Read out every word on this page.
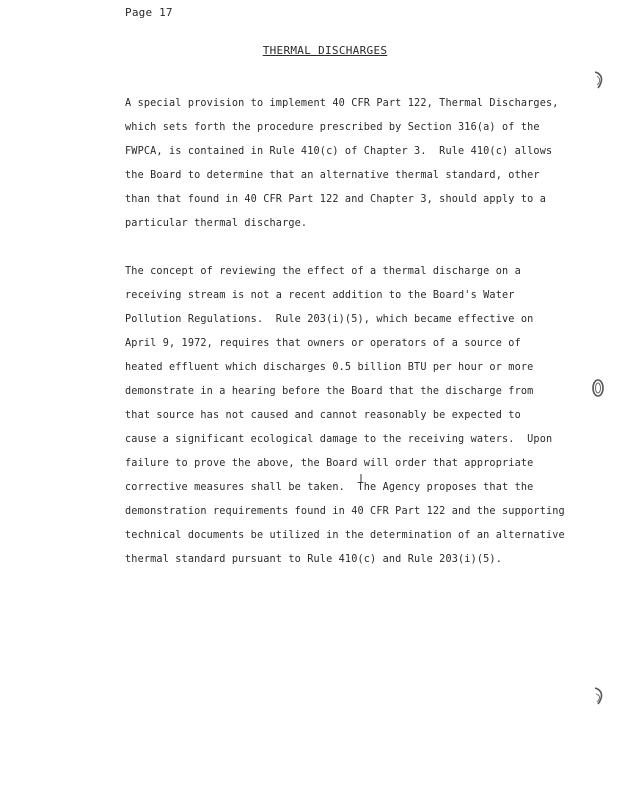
Page 17
THERMAL DISCHARGES
A special provision to implement 40 CFR Part 122, Thermal Discharges,
which sets forth the procedure prescribed by Section 316(a) of the
FWPCA, is contained in Rule 410(c) of Chapter 3.  Rule 410(c) allows
the Board to determine that an alternative thermal standard, other
than that found in 40 CFR Part 122 and Chapter 3, should apply to a
particular thermal discharge.
The concept of reviewing the effect of a thermal discharge on a
receiving stream is not a recent addition to the Board's Water
Pollution Regulations.  Rule 203(i)(5), which became effective on
April 9, 1972, requires that owners or operators of a source of
heated effluent which discharges 0.5 billion BTU per hour or more
demonstrate in a hearing before the Board that the discharge from
that source has not caused and cannot reasonably be expected to
cause a significant ecological damage to the receiving waters.  Upon
failure to prove the above, the Board will order that appropriate
corrective measures shall be taken.  The Agency proposes that the
demonstration requirements found in 40 CFR Part 122 and the supporting
technical documents be utilized in the determination of an alternative
thermal standard pursuant to Rule 410(c) and Rule 203(i)(5).
